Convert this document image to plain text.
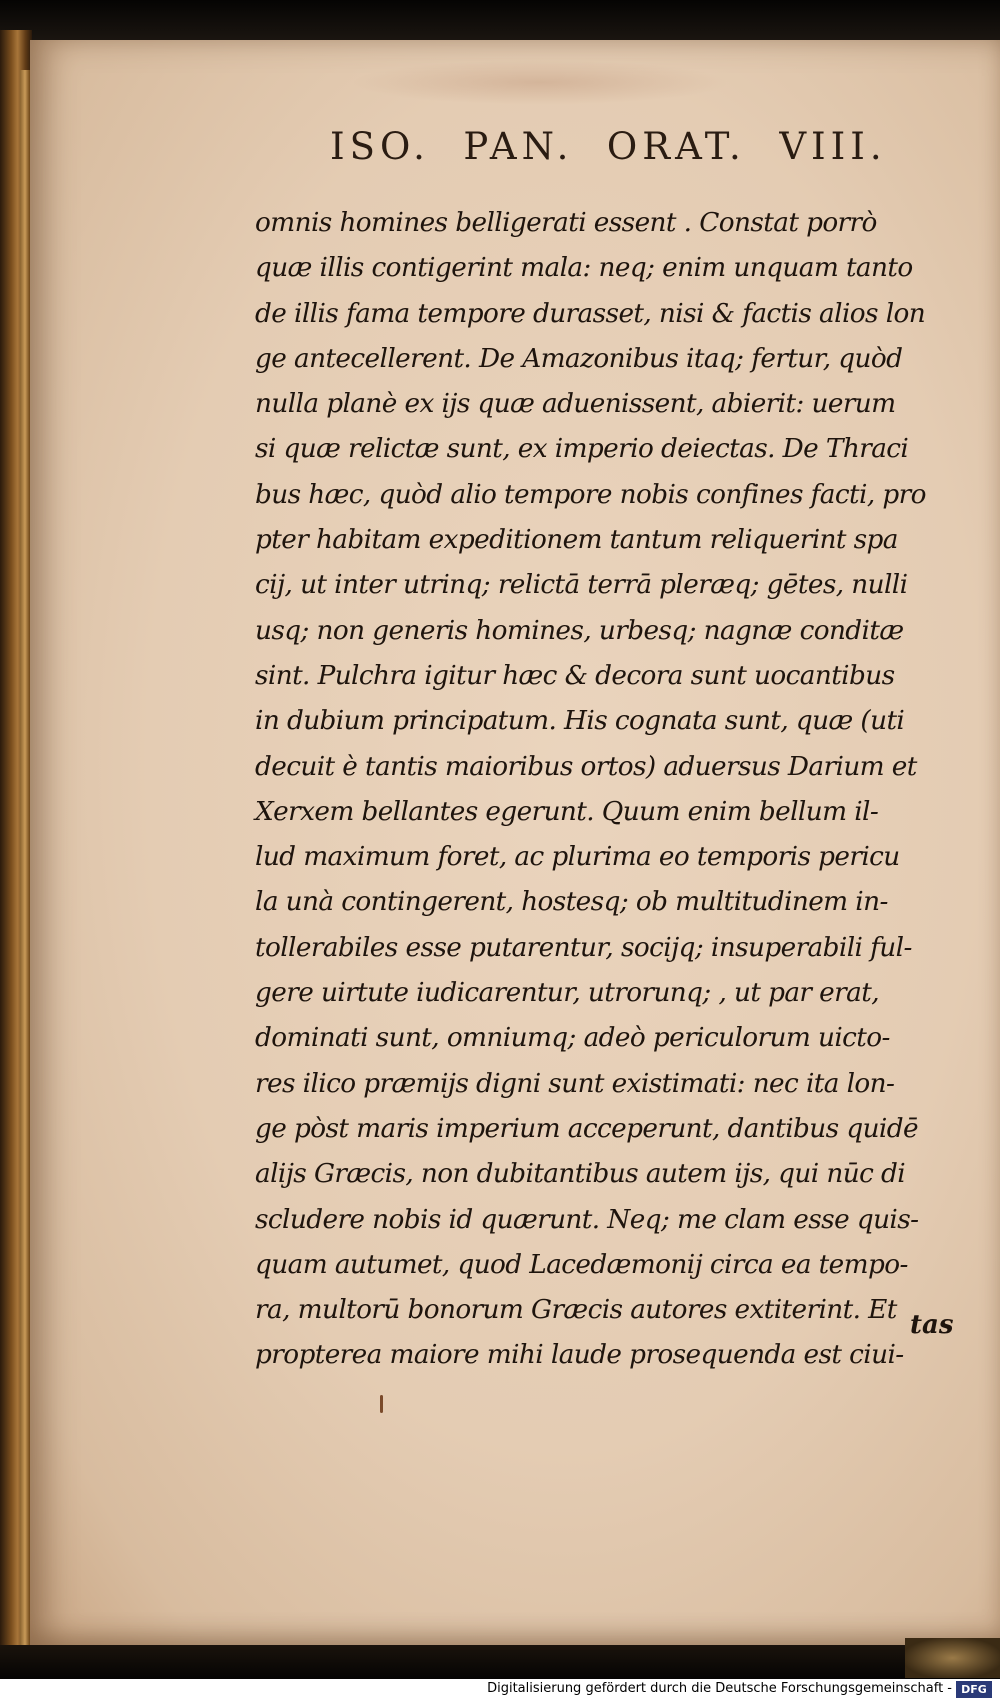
ISO.  PAN.  ORAT.  VIII.
omnis homines belligerati essent . Constat porrò
quæ illis contigerint mala: neq; enim unquam tanto
de illis fama tempore durasset, nisi & factis alios lon
ge antecellerent. De Amazonibus itaq; fertur, quòd
nulla planè ex ijs quæ aduenissent, abierit: uerum
si quæ relictæ sunt, ex imperio deiectas. De Thraci
bus hæc, quòd alio tempore nobis confines facti, pro
pter habitam expeditionem tantum reliquerint spa
cij, ut inter utrinq; relictā terrā pleræq; gētes, nulli
usq; non generis homines, urbesq; nagnæ conditæ
sint. Pulchra igitur hæc & decora sunt uocantibus
in dubium principatum. His cognata sunt, quæ (uti
decuit è tantis maioribus ortos) aduersus Darium et
Xerxem bellantes egerunt. Quum enim bellum il-
lud maximum foret, ac plurima eo temporis pericu
la unà contingerent, hostesq; ob multitudinem in-
tollerabiles esse putarentur, socijq; insuperabili ful-
gere uirtute iudicarentur, utrorunq; , ut par erat,
dominati sunt, omniumq; adeò periculorum uicto-
res ilico præmijs digni sunt existimati: nec ita lon-
ge pòst maris imperium acceperunt, dantibus quidē
alijs Græcis, non dubitantibus autem ijs, qui nūc di
scludere nobis id quærunt. Neq; me clam esse quis-
quam autumet, quod Lacedæmonij circa ea tempo-
ra, multorū bonorum Græcis autores extiterint. Et
propterea maiore mihi laude prosequenda est ciui-
tas
Digitalisierung gefördert durch die Deutsche Forschungsgemeinschaft - DFG
